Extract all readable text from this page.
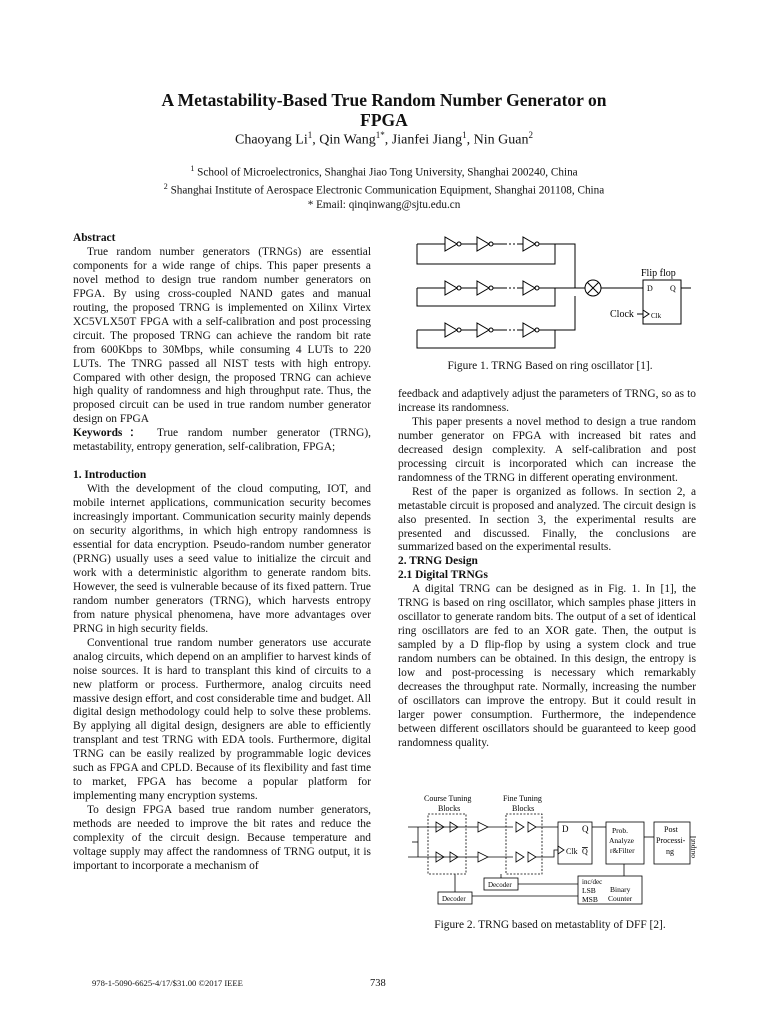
A Metastability-Based True Random Number Generator on
FPGA
Chaoyang Li$^1$, Qin Wang$^{1*}$, Jianfei Jiang$^1$, Nin Guan$^2$
$^1$ School of Microelectronics, Shanghai Jiao Tong University, Shanghai 200240, China
$^2$ Shanghai Institute of Aerospace Electronic Communication Equipment, Shanghai 201108, China
* Email: qinqinwang@sjtu.edu.cn
Abstract

True random number generators (TRNGs) are essential components for a wide range of chips. This paper presents a novel method to design true random number generators on FPGA. By using cross-coupled NAND gates and manual routing, the proposed TRNG is implemented on Xilinx Virtex XC5VLX50T FPGA with a self-calibration and post processing circuit. The proposed TRNG can achieve the random bit rate from 600Kbps to 30Mbps, while consuming 4 LUTs to 220 LUTs. The TNRG passed all NIST tests with high entropy. Compared with other design, the proposed TRNG can achieve high quality of randomness and high throughput rate. Thus, the proposed circuit can be used in true random number generator design on FPGA

Keywords： True random number generator (TRNG), metastability, entropy generation, self-calibration, FPGA;

1. Introduction

With the development of the cloud computing, IOT, and mobile internet applications, communication security becomes increasingly important. Communication security mainly depends on security algorithms, in which high entropy randomness is essential for data encryption. Pseudo-random number generator (PRNG) usually uses a seed value to initialize the circuit and work with a deterministic algorithm to generate random bits. However, the seed is vulnerable because of its fixed pattern. True random number generators (TRNG), which harvests entropy from nature physical phenomena, have more advantages over PRNG in high security fields.

Conventional true random number generators use accurate analog circuits, which depend on an amplifier to harvest kinds of noise sources. It is hard to transplant this kind of circuits to a new platform or process. Furthermore, analog circuits need massive design effort, and cost considerable time and budget. All digital design methodology could help to solve these problems. By applying all digital design, designers are able to efficiently transplant and test TRNG with EDA tools. Furthermore, digital TRNG can be easily realized by programmable logic devices such as FPGA and CPLD. Because of its flexibility and fast time to market, FPGA has become a popular platform for implementing many encryption systems.

To design FPGA based true random number generators, methods are needed to improve the bit rates and reduce the complexity of the circuit design. Because temperature and voltage supply may affect the randomness of TRNG output, it is important to incorporate a mechanism of

Flip flop
D Q
Clock Clk
Figure 1. TRNG Based on ring oscillator [1].

feedback and adaptively adjust the parameters of TRNG, so as to increase its randomness.

This paper presents a novel method to design a true random number generator on FPGA with increased bit rates and decreased design complexity. A self-calibration and post processing circuit is incorporated which can increase the randomness of the TRNG in different operating environment.

Rest of the paper is organized as follows. In section 2, a metastable circuit is proposed and analyzed. The circuit design is also presented. In section 3, the experimental results are presented and discussed. Finally, the conclusions are summarized based on the experimental results.

2. TRNG Design
2.1 Digital TRNGs

A digital TRNG can be designed as in Fig. 1. In [1], the TRNG is based on ring oscillator, which samples phase jitters in oscillator to generate random bits. The output of a set of identical ring oscillators are fed to an XOR gate. Then, the output is sampled by a D flip-flop by using a system clock and true random numbers can be obtained. In this design, the entropy is low and post-processing is necessary which remarkably decreases the throughput rate. Normally, increasing the number of oscillators can improve the entropy. But it could result in larger power consumption. Furthermore, the independence between different oscillators should be guaranteed to keep good randomness quality.

Course Tuning
Blocks
Fine Tuning
Blocks
D Q
Clk Q
Prob.
Analyze
r&Filter
Post
Processi-
ng output
Decoder
Decoder	inc/dec
LSB
MSB
Binary
Counter
Figure 2. TRNG based on metastablity of DFF [2].
978-1-5090-6625-4/17/$31.00 ©2017 IEEE	738
